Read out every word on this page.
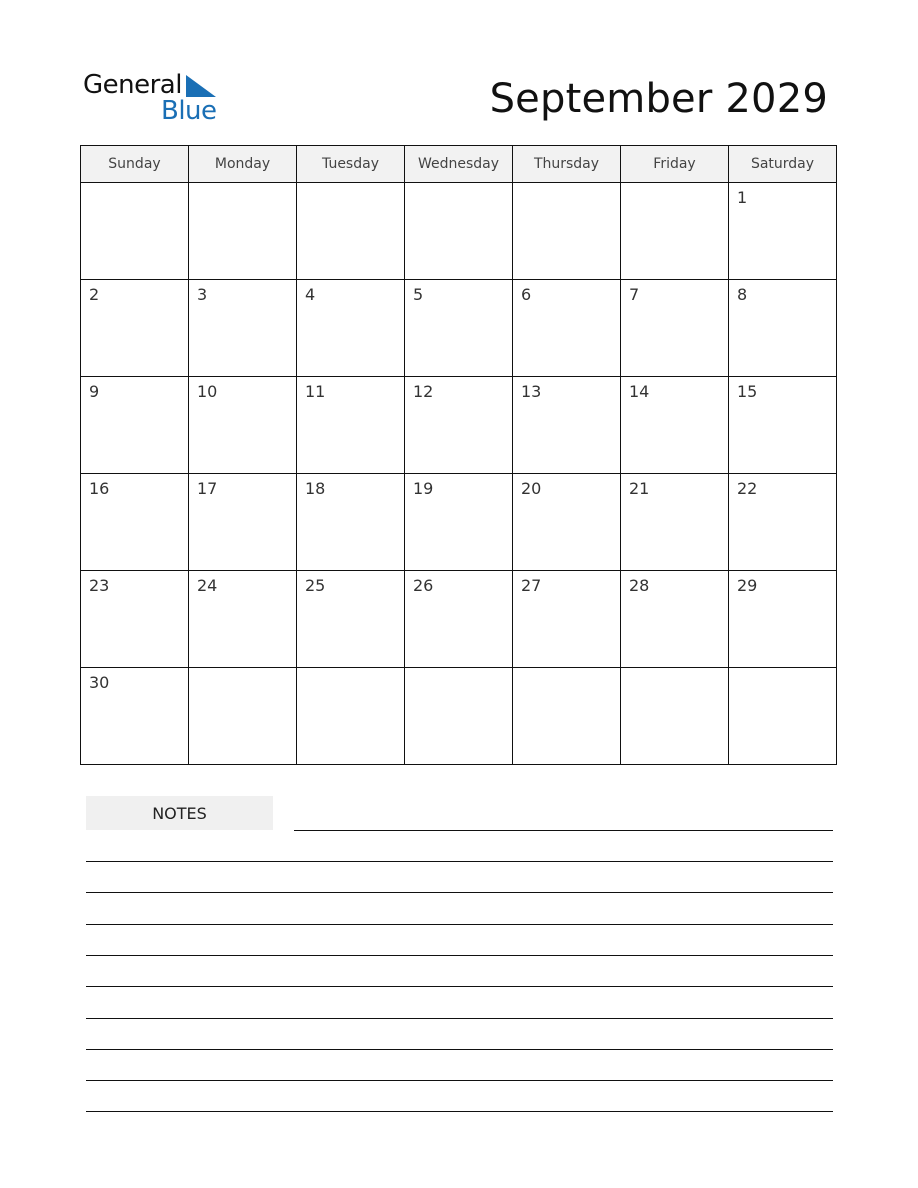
General
Blue	September 2029
Sunday	Monday	Tuesday	Wednesday	Thursday	Friday	Saturday

						1

2	3	4	5	6	7	8

9	10	11	12	13	14	15

16	17	18	19	20	21	22

23	24	25	26	27	28	29

30						

NOTES
